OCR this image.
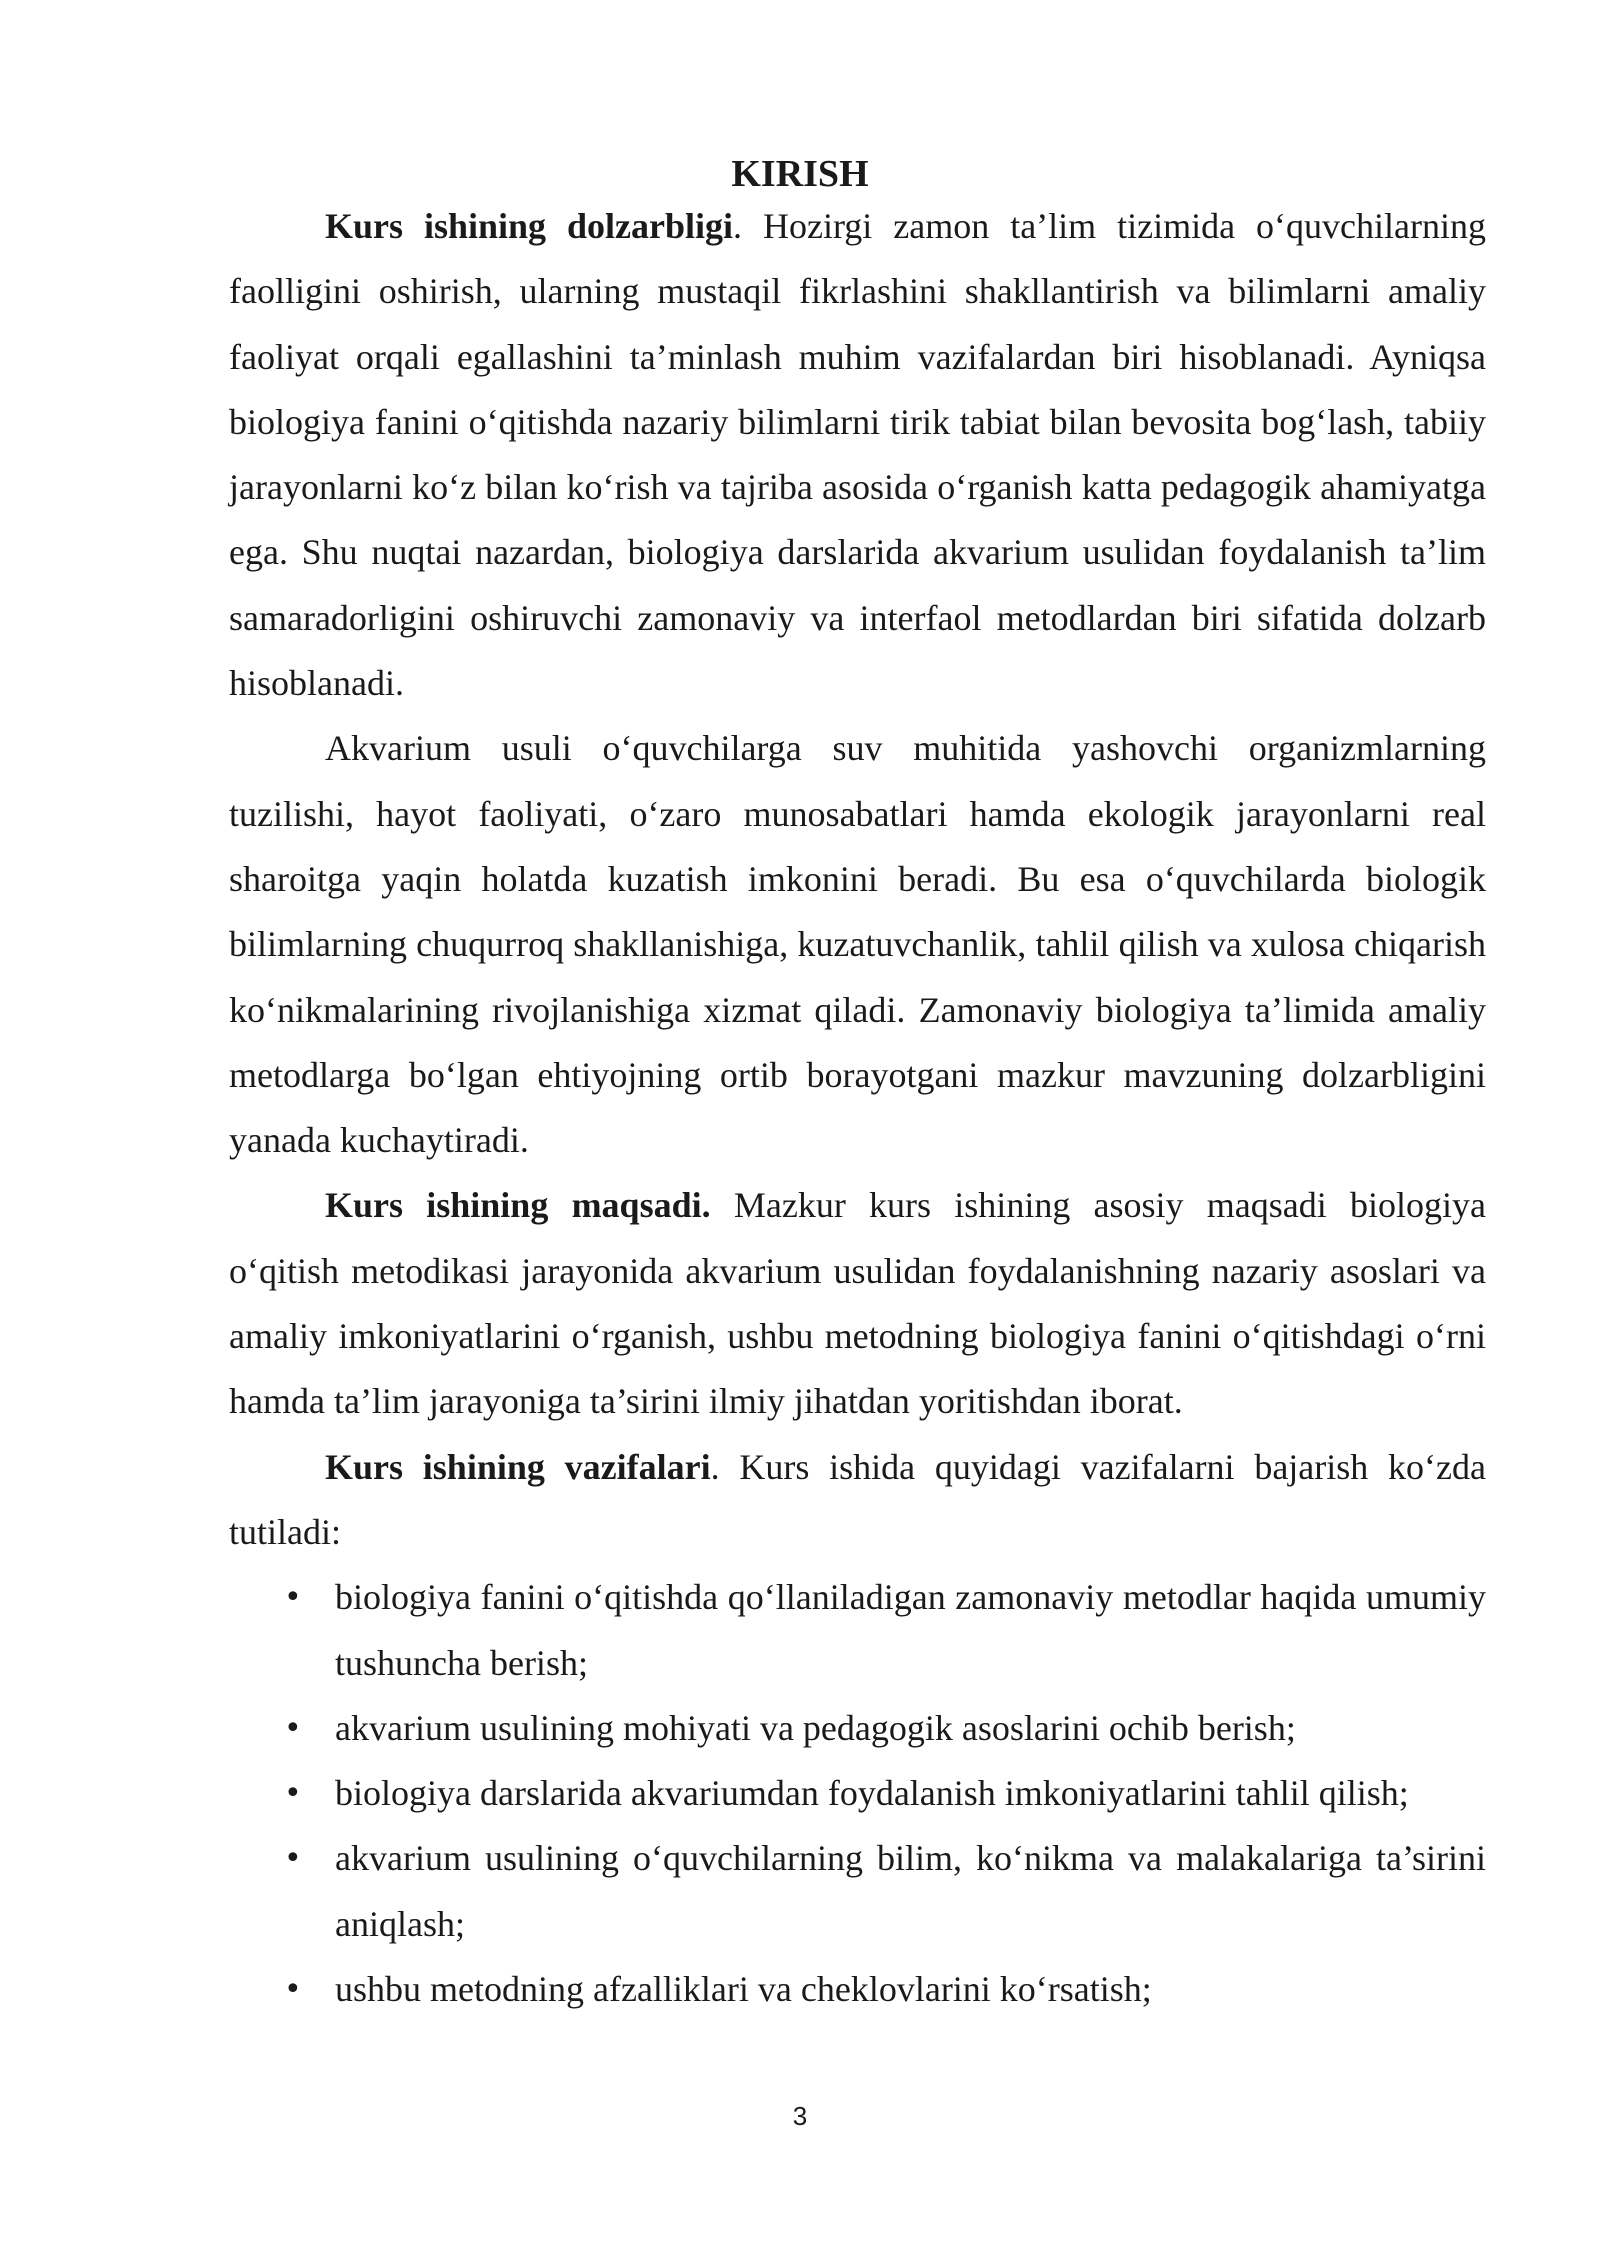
KIRISH

Kurs ishining dolzarbligi. Hozirgi zamon ta’lim tizimida o‘quvchilarning faolligini oshirish, ularning mustaqil fikrlashini shakllantirish va bilimlarni amaliy faoliyat orqali egallashini ta’minlash muhim vazifalardan biri hisoblanadi. Ayniqsa biologiya fanini o‘qitishda nazariy bilimlarni tirik tabiat bilan bevosita bog‘lash, tabiiy jarayonlarni ko‘z bilan ko‘rish va tajriba asosida o‘rganish katta pedagogik ahamiyatga ega. Shu nuqtai nazardan, biologiya darslarida akvarium usulidan foydalanish ta’lim samaradorligini oshiruvchi zamonaviy va interfaol metodlardan biri sifatida dolzarb hisoblanadi.

Akvarium usuli o‘quvchilarga suv muhitida yashovchi organizmlarning tuzilishi, hayot faoliyati, o‘zaro munosabatlari hamda ekologik jarayonlarni real sharoitga yaqin holatda kuzatish imkonini beradi. Bu esa o‘quvchilarda biologik bilimlarning chuqurroq shakllanishiga, kuzatuvchanlik, tahlil qilish va xulosa chiqarish ko‘nikmalarining rivojlanishiga xizmat qiladi. Zamonaviy biologiya ta’limida amaliy metodlarga bo‘lgan ehtiyojning ortib borayotgani mazkur mavzuning dolzarbligini yanada kuchaytiradi.

Kurs ishining maqsadi. Mazkur kurs ishining asosiy maqsadi biologiya o‘qitish metodikasi jarayonida akvarium usulidan foydalanishning nazariy asoslari va amaliy imkoniyatlarini o‘rganish, ushbu metodning biologiya fanini o‘qitishdagi o‘rni hamda ta’lim jarayoniga ta’sirini ilmiy jihatdan yoritishdan iborat.

Kurs ishining vazifalari. Kurs ishida quyidagi vazifalarni bajarish ko‘zda tutiladi:

• biologiya fanini o‘qitishda qo‘llaniladigan zamonaviy metodlar haqida umumiy tushuncha berish;
• akvarium usulining mohiyati va pedagogik asoslarini ochib berish;
• biologiya darslarida akvariumdan foydalanish imkoniyatlarini tahlil qilish;
• akvarium usulining o‘quvchilarning bilim, ko‘nikma va malakalariga ta’sirini aniqlash;
• ushbu metodning afzalliklari va cheklovlarini ko‘rsatish;
3
